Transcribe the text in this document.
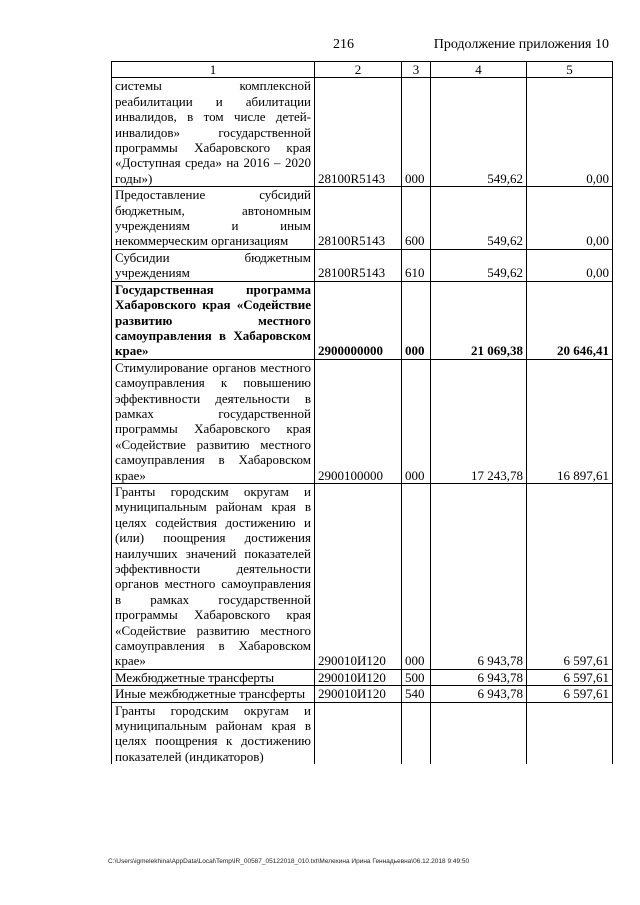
216	Продолжение приложения 10
1	2	3	4	5
системы комплексной реабилитации и абилитации инвалидов, в том числе детей-инвалидов» государственной программы Хабаровского края «Доступная среда» на 2016 – 2020 годы»)	28100R5143	000	549,62	0,00
Предоставление субсидий бюджетным, автономным учреждениям и иным некоммерческим организациям	28100R5143	600	549,62	0,00
Субсидии бюджетным учреждениям	28100R5143	610	549,62	0,00
Государственная программа Хабаровского края «Содействие развитию местного самоуправления в Хабаровском крае»	2900000000	000	21 069,38	20 646,41
Стимулирование органов местного самоуправления к повышению эффективности деятельности в рамках государственной программы Хабаровского края «Содействие развитию местного самоуправления в Хабаровском крае»	2900100000	000	17 243,78	16 897,61
Гранты городским округам и муниципальным районам края в целях содействия достижению и (или) поощрения достижения наилучших значений показателей эффективности деятельности органов местного самоуправления в рамках государственной программы Хабаровского края «Содействие развитию местного самоуправления в Хабаровском крае»	290010И120	000	6 943,78	6 597,61
Межбюджетные трансферты	290010И120	500	6 943,78	6 597,61
Иные межбюджетные трансферты	290010И120	540	6 943,78	6 597,61
Гранты городским округам и муниципальным районам края в целях поощрения к достижению показателей (индикаторов)				
C:\Users\igmelekhina\AppData\Local\Temp\IR_00587_05122018_010.txt\Мелехина Ирина Геннадьевна\06.12.2018 9:49:50
